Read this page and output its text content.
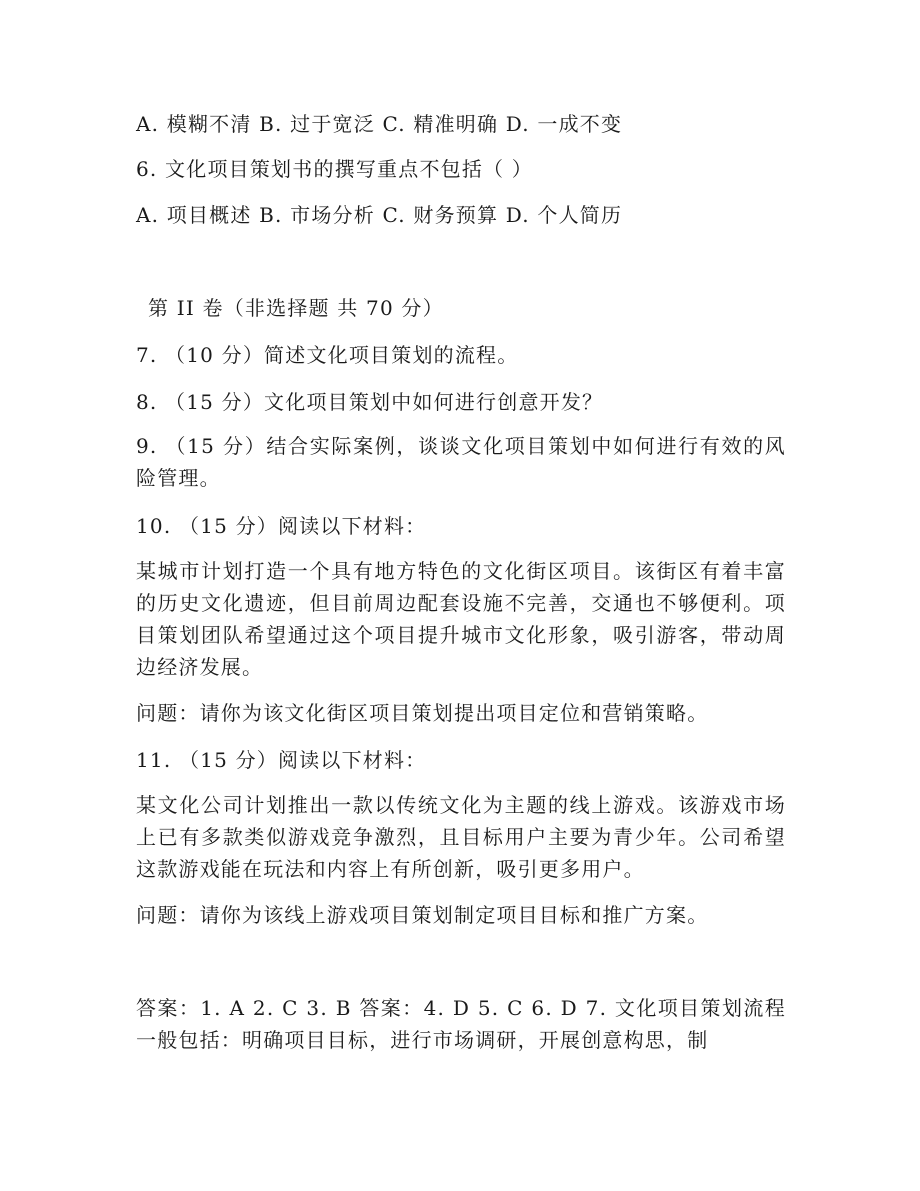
A. 模糊不清 B. 过于宽泛 C. 精准明确 D. 一成不变
6. 文化项目策划书的撰写重点不包括（ ）
A. 项目概述 B. 市场分析 C. 财务预算 D. 个人简历
第 II 卷（非选择题 共 70 分）
7. （10 分）简述文化项目策划的流程。
8. （15 分）文化项目策划中如何进行创意开发？
9. （15 分）结合实际案例，谈谈文化项目策划中如何进行有效的风险管理。
10. （15 分）阅读以下材料：
某城市计划打造一个具有地方特色的文化街区项目。该街区有着丰富的历史文化遗迹，但目前周边配套设施不完善，交通也不够便利。项目策划团队希望通过这个项目提升城市文化形象，吸引游客，带动周边经济发展。
问题：请你为该文化街区项目策划提出项目定位和营销策略。
11. （15 分）阅读以下材料：
某文化公司计划推出一款以传统文化为主题的线上游戏。该游戏市场上已有多款类似游戏竞争激烈，且目标用户主要为青少年。公司希望这款游戏能在玩法和内容上有所创新，吸引更多用户。
问题：请你为该线上游戏项目策划制定项目目标和推广方案。
答案：1. A 2. C 3. B 答案：4. D 5. C 6. D 7. 文化项目策划流程一般包括：明确项目目标，进行市场调研，开展创意构思，制
